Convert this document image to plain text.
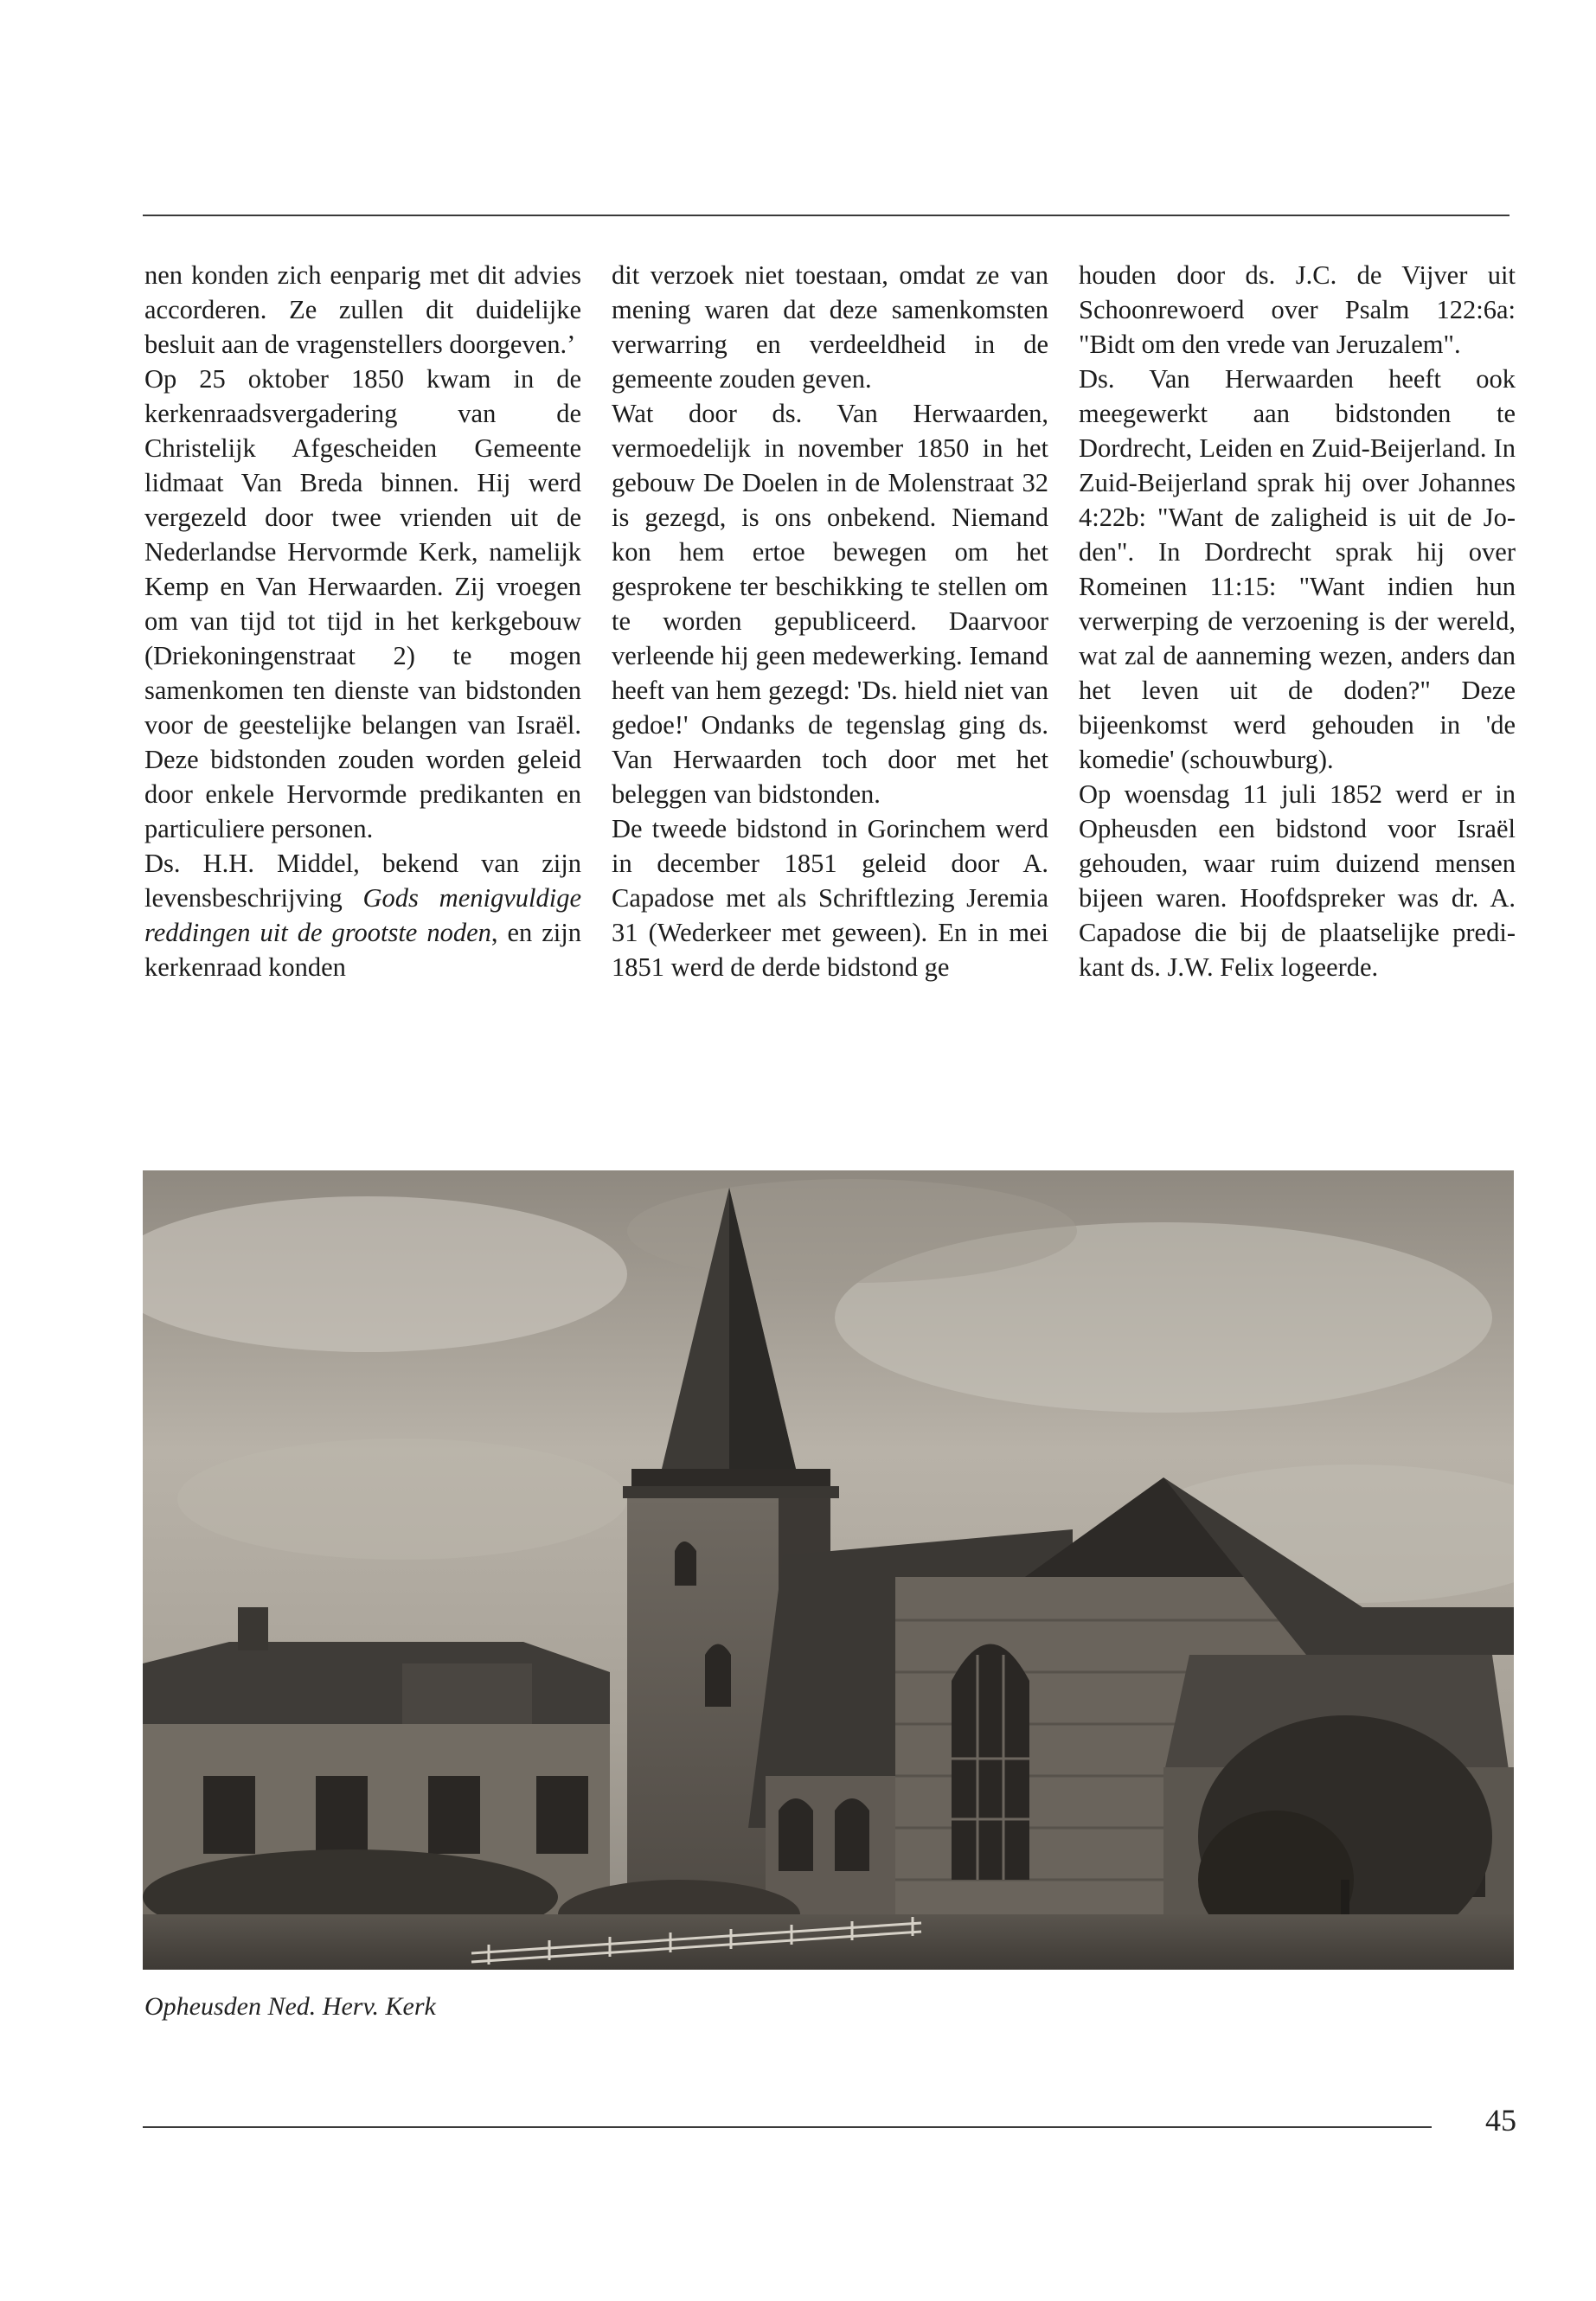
nen konden zich eenparig met dit advies accorderen. Ze zullen dit duidelijke besluit aan de vragenstellers doorgeven.’

Op 25 oktober 1850 kwam in de kerkenraadsvergadering van de Christelijk Afgescheiden Gemeente lidmaat Van Breda binnen. Hij werd vergezeld door twee vrienden uit de Nederlandse Hervormde Kerk, namelijk Kemp en Van Herwaarden. Zij vroegen om van tijd tot tijd in het kerkgebouw (Driekoningenstraat 2) te mogen samenkomen ten dienste van bidstonden voor de geestelijke belangen van Israël. Deze bidstonden zouden worden geleid door enkele Hervormde predikanten en particuliere personen.

Ds. H.H. Middel, bekend van zijn levensbeschrijving Gods menigvuldige reddingen uit de grootste noden, en zijn kerkenraad konden

dit verzoek niet toestaan, omdat ze van mening waren dat deze samenkomsten verwarring en verdeeldheid in de gemeente zouden geven.

Wat door ds. Van Herwaarden, vermoedelijk in november 1850 in het gebouw De Doelen in de Molenstraat 32 is gezegd, is ons onbekend. Niemand kon hem ertoe bewegen om het gesprokene ter beschikking te stellen om te worden gepubliceerd. Daarvoor verleende hij geen medewerking. Iemand heeft van hem gezegd: 'Ds. hield niet van gedoe!' Ondanks de tegenslag ging ds. Van Herwaarden toch door met het beleggen van bidstonden.

De tweede bidstond in Gorinchem werd in december 1851 geleid door A. Capadose met als Schriftlezing Jeremia 31 (Wederkeer met geween). En in mei 1851 werd de derde bidstond ge

houden door ds. J.C. de Vijver uit Schoonrewoerd over Psalm 122:6a: "Bidt om den vrede van Jeruzalem".

Ds. Van Herwaarden heeft ook meegewerkt aan bidstonden te Dordrecht, Leiden en Zuid-Beijerland. In Zuid-Beijerland sprak hij over Johannes 4:22b: "Want de zaligheid is uit de Joden". In Dordrecht sprak hij over Romeinen 11:15: "Want indien hun verwerping de verzoening is der wereld, wat zal de aanneming wezen, anders dan het leven uit de doden?" Deze bijeenkomst werd gehouden in 'de komedie' (schouwburg).

Op woensdag 11 juli 1852 werd er in Opheusden een bidstond voor Israël gehouden, waar ruim duizend mensen bijeen waren. Hoofdspreker was dr. A. Capadose die bij de plaatselijke predikant ds. J.W. Felix logeerde.

Opheusden Ned. Herv. Kerk
45
